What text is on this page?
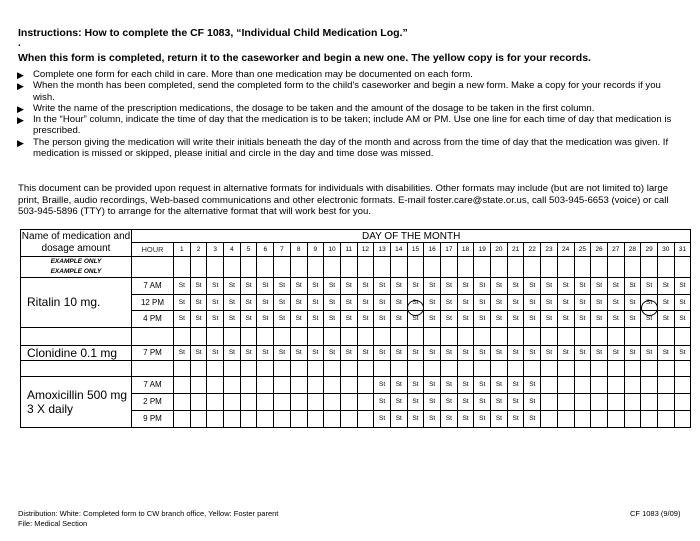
Instructions: How to complete the CF 1083, “Individual Child Medication Log.”
.
When this form is completed, return it to the caseworker and begin a new one. The yellow copy is for your records.
▶ Complete one form for each child in care. More than one medication may be documented on each form.
▶ When the month has been completed, send the completed form to the child's caseworker and begin a new form. Make a copy for your records if you wish.
▶ Write the name of the prescription medications, the dosage to be taken and the amount of the dosage to be taken in the first column.
▶ In the “Hour” column, indicate the time of day that the medication is to be taken; include AM or PM. Use one line for each time of day that medication is prescribed.
▶ The person giving the medication will write their initials beneath the day of the month and across from the time of day that the medication was given. If medication is missed or skipped, please initial and circle in the day and time dose was missed.
This document can be provided upon request in alternative formats for individuals with disabilities. Other formats may include (but are not limited to) large print, Braille, audio recordings, Web-based communications and other electronic formats. E-mail foster.care@state.or.us, call 503-945-6653 (voice) or call 503-945-5896 (TTY) to arrange for the alternative format that will work best for you.
Name of medication and dosage amount	DAY OF THE MONTH																															
	HOUR	1	2	3	4	5	6	7	8	9	10	11	12	13	14	15	16	17	18	19	20	21	22	23	24	25	26	27	28	29	30	31

EXAMPLE ONLY
EXAMPLE ONLY																																

Ritalin 10 mg.	7 AM	St	St	St	St	St	St	St	St	St	St	St	St	St	St	St	St	St	St	St	St	St	St	St	St	St	St	St	St	St	St	St
	12 PM	St	St	St	St	St	St	St	St	St	St	St	St	St	St	St	St	St	St	St	St	St	St	St	St	St	St	St	St	St	St	St
	4 PM	St	St	St	St	St	St	St	St	St	St	St	St	St	St	St	St	St	St	St	St	St	St	St	St	St	St	St	St	St	St	St

Clonidine 0.1 mg	7 PM	St	St	St	St	St	St	St	St	St	St	St	St	St	St	St	St	St	St	St	St	St	St	St	St	St	St	St	St	St	St	St

Amoxicillin 500 mg 3 X daily	7 AM													St	St	St	St	St	St	St	St	St	St									
	2 PM													St	St	St	St	St	St	St	St	St	St									
	9 PM													St	St	St	St	St	St	St	St	St	St									
Distribution: White: Completed form to CW branch office, Yellow: Foster parent
File: Medical Section
CF 1083 (9/09)
